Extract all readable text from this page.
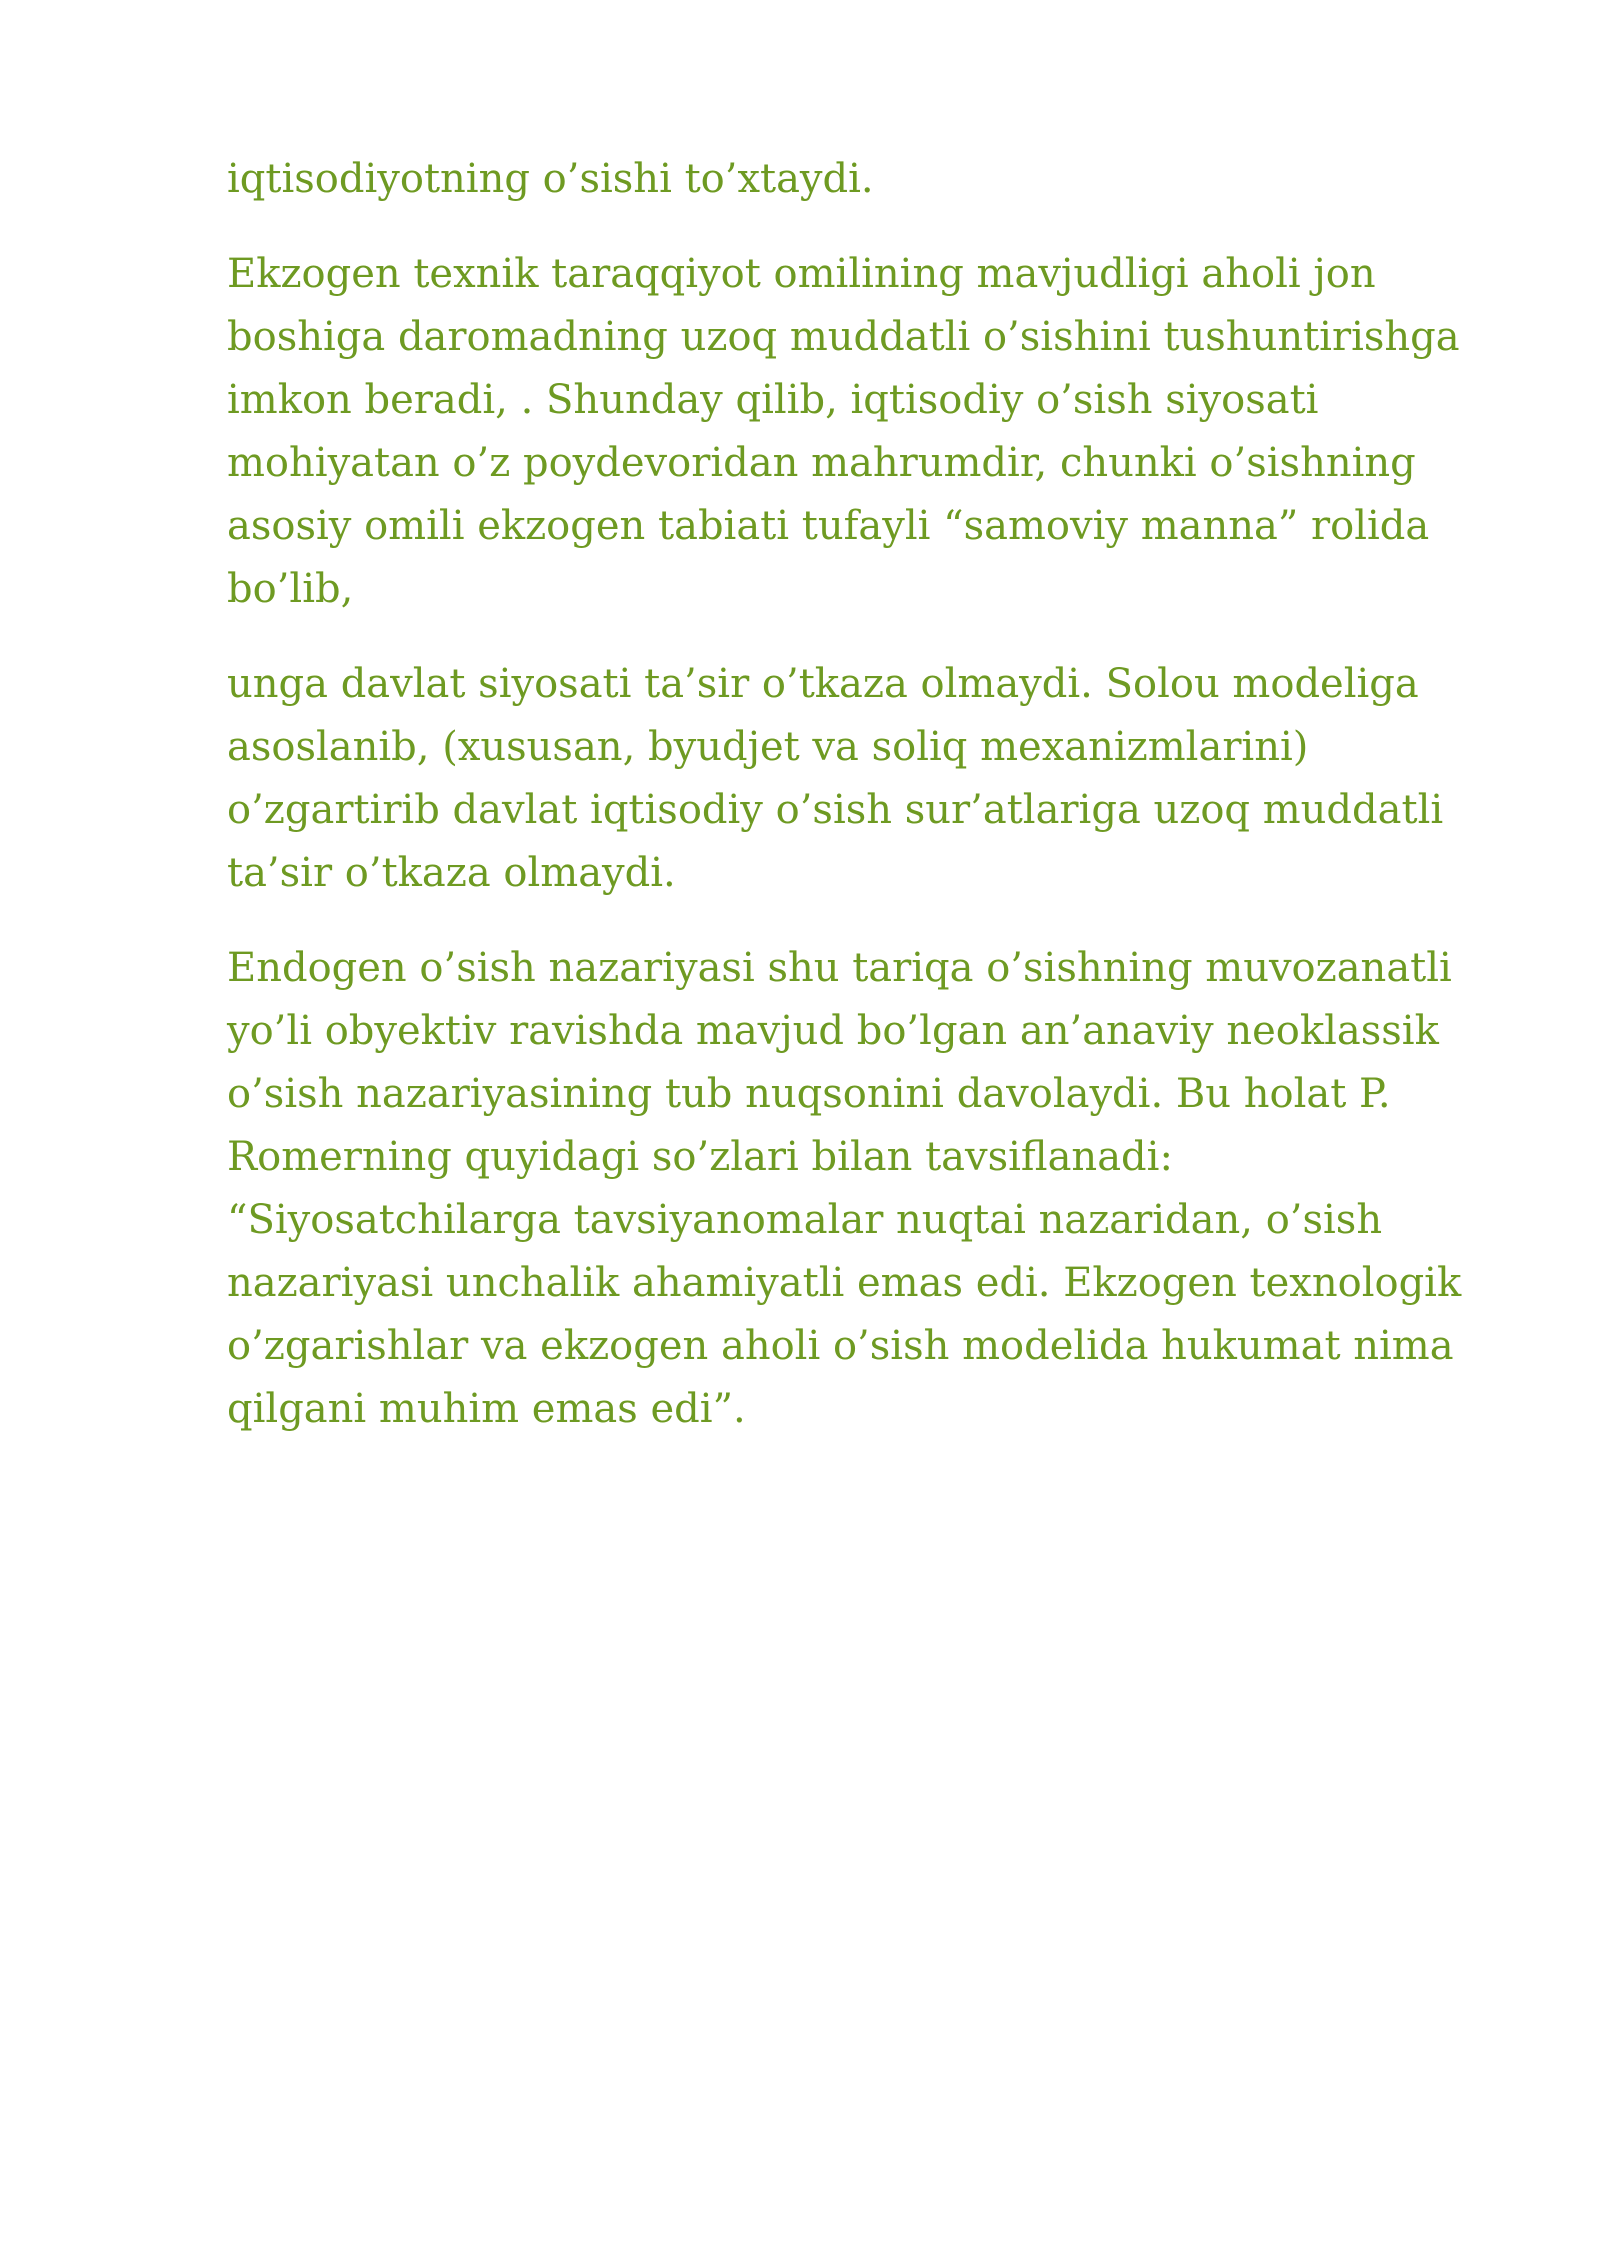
iqtisodiyotning o’sishi to’xtaydi.

Ekzogen texnik taraqqiyot omilining mavjudligi aholi jon boshiga daromadning uzoq muddatli o’sishini tushuntirishga imkon beradi, . Shunday qilib, iqtisodiy o’sish siyosati mohiyatan o’z poydevoridan mahrumdir, chunki o’sishning asosiy omili ekzogen tabiati tufayli “samoviy manna” rolida bo’lib,

unga davlat siyosati ta’sir o’tkaza olmaydi. Solou modeliga asoslanib, (xususan, byudjet va soliq mexanizmlarini) o’zgartirib davlat iqtisodiy o’sish sur’atlariga uzoq muddatli ta’sir o’tkaza olmaydi.

Endogen o’sish nazariyasi shu tariqa o’sishning muvozanatli yo’li obyektiv ravishda mavjud bo’lgan an’anaviy neoklassik o’sish nazariyasining tub nuqsonini davolaydi. Bu holat P. Romerning quyidagi so’zlari bilan tavsiflanadi: “Siyosatchilarga tavsiyanomalar nuqtai nazaridan, o’sish nazariyasi unchalik ahamiyatli emas edi. Ekzogen texnologik o’zgarishlar va ekzogen aholi o’sish modelida hukumat nima qilgani muhim emas edi”.
